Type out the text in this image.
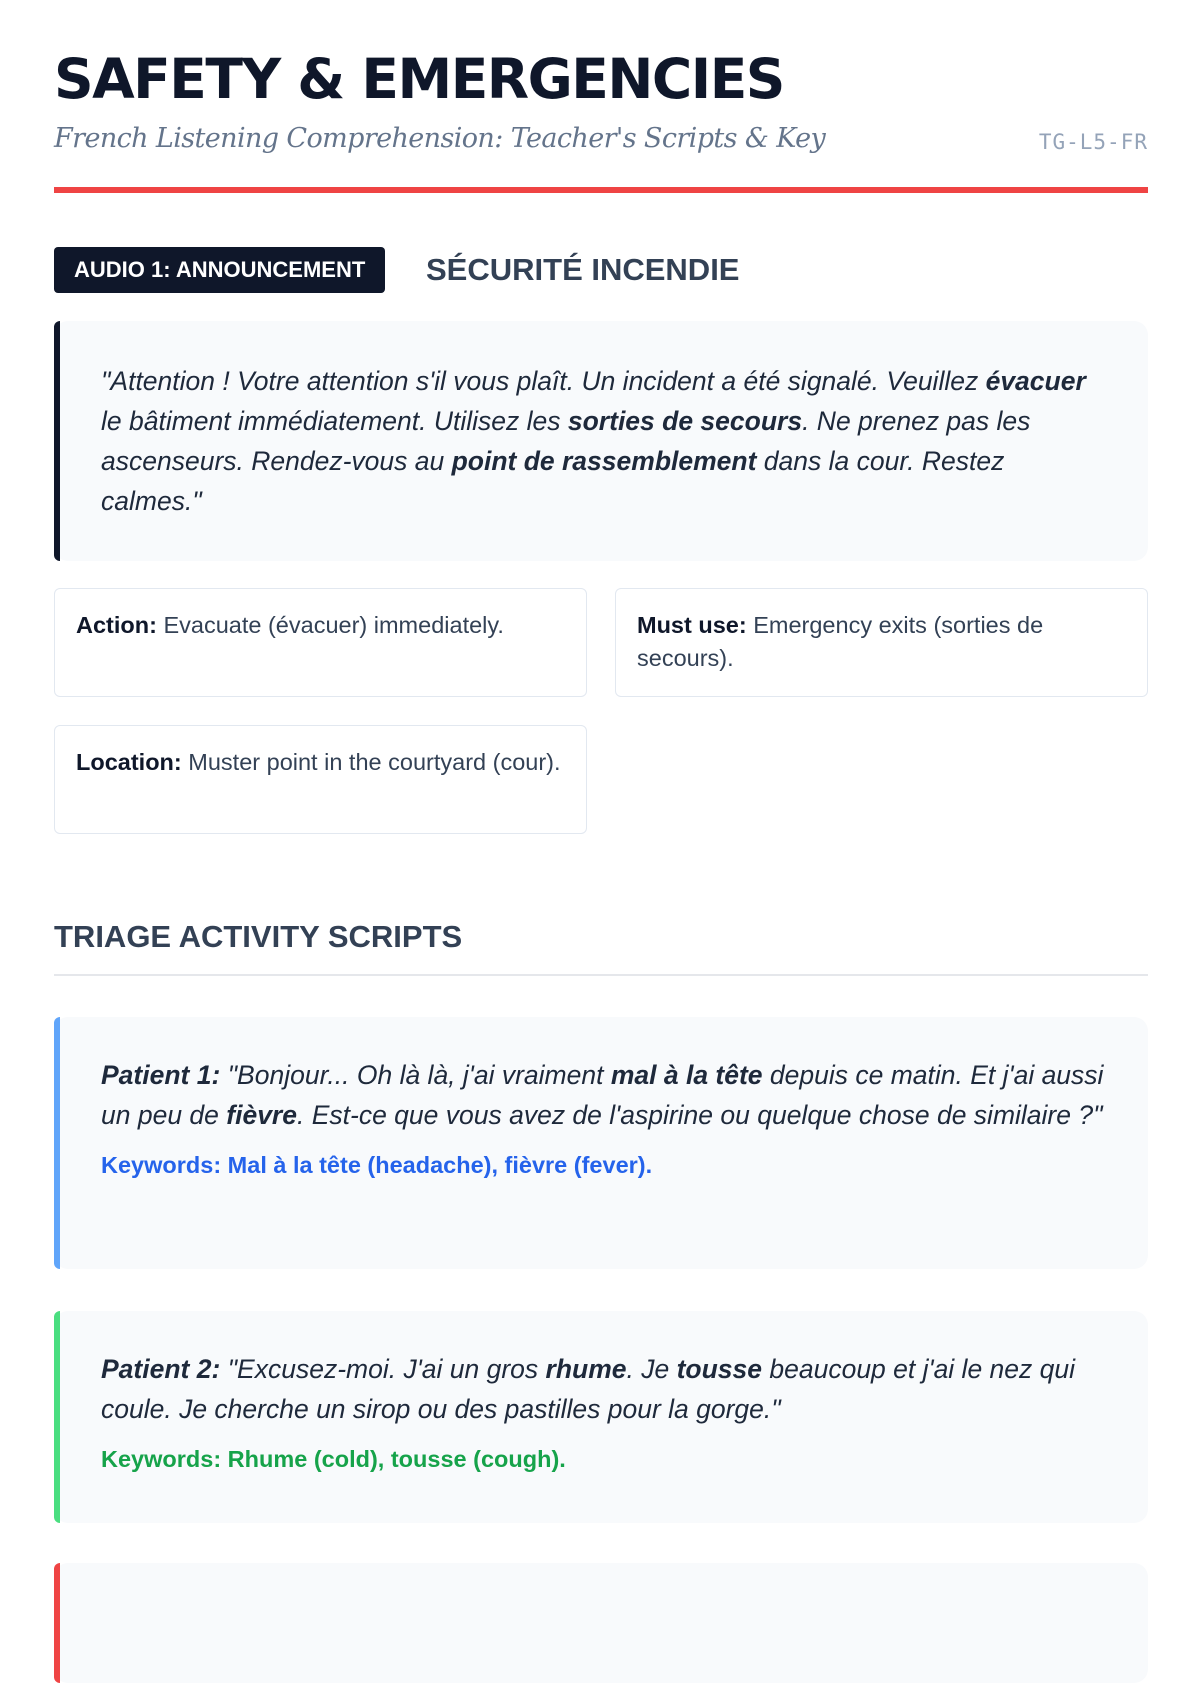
SAFETY & EMERGENCIES
French Listening Comprehension: Teacher's Scripts & Key	TG-L5-FR
AUDIO 1: ANNOUNCEMENT	SÉCURITÉ INCENDIE
"Attention ! Votre attention s'il vous plaît. Un incident a été signalé. Veuillez évacuer le bâtiment immédiatement. Utilisez les sorties de secours. Ne prenez pas les ascenseurs. Rendez-vous au point de rassemblement dans la cour. Restez calmes."
Action: Evacuate (évacuer) immediately.	Must use: Emergency exits (sorties de secours).
Location: Muster point in the courtyard (cour).
TRIAGE ACTIVITY SCRIPTS
Patient 1: "Bonjour... Oh là là, j'ai vraiment mal à la tête depuis ce matin. Et j'ai aussi un peu de fièvre. Est-ce que vous avez de l'aspirine ou quelque chose de similaire ?"
Keywords: Mal à la tête (headache), fièvre (fever).
Patient 2: "Excusez-moi. J'ai un gros rhume. Je tousse beaucoup et j'ai le nez qui coule. Je cherche un sirop ou des pastilles pour la gorge."
Keywords: Rhume (cold), tousse (cough).
